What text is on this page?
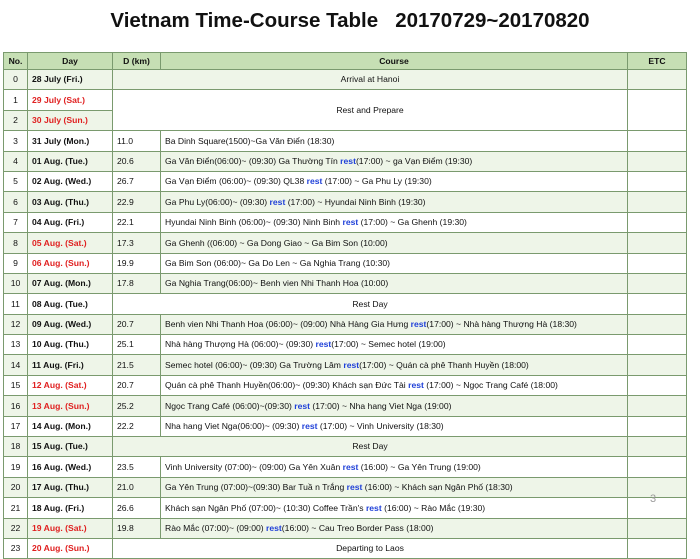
Vietnam Time-Course Table   20170729~20170820
No.	Day	D (km)	Course	ETC
0	28 July (Fri.)	Arrival at Hanoi		
1	29 July (Sat.)	Rest and Prepare		
2	30 July (Sun.)			
3	31 July (Mon.)	11.0	Ba Dinh Square(1500)~Ga Văn Điển (18:30)	
4	01 Aug. (Tue.)	20.6	Ga Văn Điển(06:00)~ (09:30) Ga Thường Tín rest(17:00) ~ ga Vạn Điểm (19:30)	
5	02 Aug. (Wed.)	26.7	Ga Vạn Điểm (06:00)~ (09:30) QL38 rest (17:00) ~ Ga Phu Ly (19:30)	
6	03 Aug. (Thu.)	22.9	Ga Phu Ly(06:00)~ (09:30) rest (17:00) ~ Hyundai Ninh Binh (19:30)	
7	04 Aug. (Fri.)	22.1	Hyundai Ninh Binh (06:00)~ (09:30) Ninh Binh rest (17:00) ~ Ga Ghenh (19:30)	
8	05 Aug. (Sat.)	17.3	Ga Ghenh ((06:00) ~ Ga Dong Giao ~ Ga Bim Son (10:00)	
9	06 Aug. (Sun.)	19.9	Ga Bim Son (06:00)~ Ga Do Len ~ Ga Nghia Trang (10:30)	
10	07 Aug. (Mon.)	17.8	Ga Nghia Trang(06:00)~ Benh vien Nhi Thanh Hoa (10:00)	
11	08 Aug. (Tue.)	Rest Day		
12	09 Aug. (Wed.)	20.7	Benh vien Nhi Thanh Hoa (06:00)~ (09:00) Nhà Hàng Gia Hưng rest(17:00) ~ Nhà hàng Thượng Hà (18:30)	
13	10 Aug. (Thu.)	25.1	Nhà hàng Thượng Hà (06:00)~ (09:30) rest(17:00) ~ Semec hotel (19:00)	
14	11 Aug. (Fri.)	21.5	Semec hotel (06:00)~ (09:30) Ga Trường Lâm rest(17:00) ~ Quán cà phê Thanh Huyền (18:00)	
15	12 Aug. (Sat.)	20.7	Quán cà phê Thanh Huyền(06:00)~ (09:30) Khách sạn Đức Tài rest (17:00) ~ Ngọc Trang Café (18:00)	
16	13 Aug. (Sun.)	25.2	Ngọc Trang Café (06:00)~(09:30) rest (17:00) ~ Nha hang Viet Nga (19:00)	
17	14 Aug. (Mon.)	22.2	Nha hang Viet Nga(06:00)~ (09:30) rest (17:00) ~ Vinh University (18:30)	
18	15 Aug. (Tue.)	Rest Day		
19	16 Aug. (Wed.)	23.5	Vinh University (07:00)~ (09:00) Ga Yên Xuân rest (16:00) ~ Ga Yên Trung (19:00)	
20	17 Aug. (Thu.)	21.0	Ga Yên Trung (07:00)~(09:30) Bar Tuầ n Trắng rest (16:00) ~ Khách sạn Ngân Phố (18:30)	
21	18 Aug. (Fri.)	26.6	Khách sạn Ngân Phố (07:00)~ (10:30) Coffee Trần's rest (16:00) ~ Rào Mắc (19:30)	
22	19 Aug. (Sat.)	19.8	Rào Mắc (07:00)~ (09:00) rest(16:00) ~ Cau Treo Border Pass (18:00)	
23	20 Aug. (Sun.)	Departing to Laos		
3
